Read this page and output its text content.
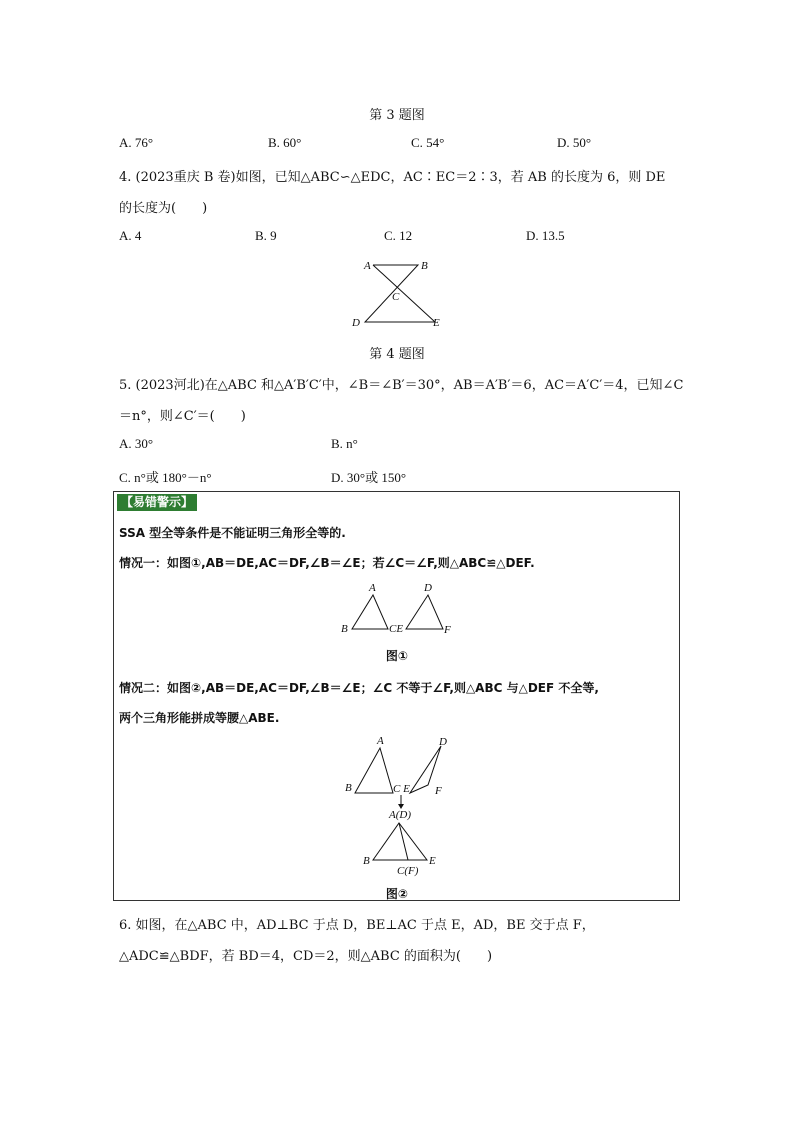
第 3 题图
A. 76°	B. 60°	C. 54°	D. 50°
4. (2023重庆 B 卷)如图，已知△ABC∽△EDC，AC∶EC＝2∶3，若 AB 的长度为 6，则 DE
的长度为(　　)
A. 4	B. 9	C. 12	D. 13.5
A	B
C
D	E
第 4 题图
5. (2023河北)在△ABC 和△A′B′C′中，∠B＝∠B′＝30°，AB＝A′B′＝6，AC＝A′C′＝4，已知∠C
＝n°，则∠C′＝(　　)
A. 30°	B. n°
C. n°或 180°－n°	D. 30°或 150°
【易错警示】
SSA 型全等条件是不能证明三角形全等的.
情况一：如图①,AB＝DE,AC＝DF,∠B＝∠E；若∠C＝∠F,则△ABC≌△DEF.
A	D
B	CE	F
图①
情况二：如图②,AB＝DE,AC＝DF,∠B＝∠E；∠C 不等于∠F,则△ABC 与△DEF 不全等,
两个三角形能拼成等腰△ABE.
A	D
B	C E F
A(D)
B	E
C(F)
图②
6. 如图，在△ABC 中，AD⊥BC 于点 D，BE⊥AC 于点 E，AD，BE 交于点 F，
△ADC≌△BDF，若 BD＝4，CD＝2，则△ABC 的面积为(　　)
